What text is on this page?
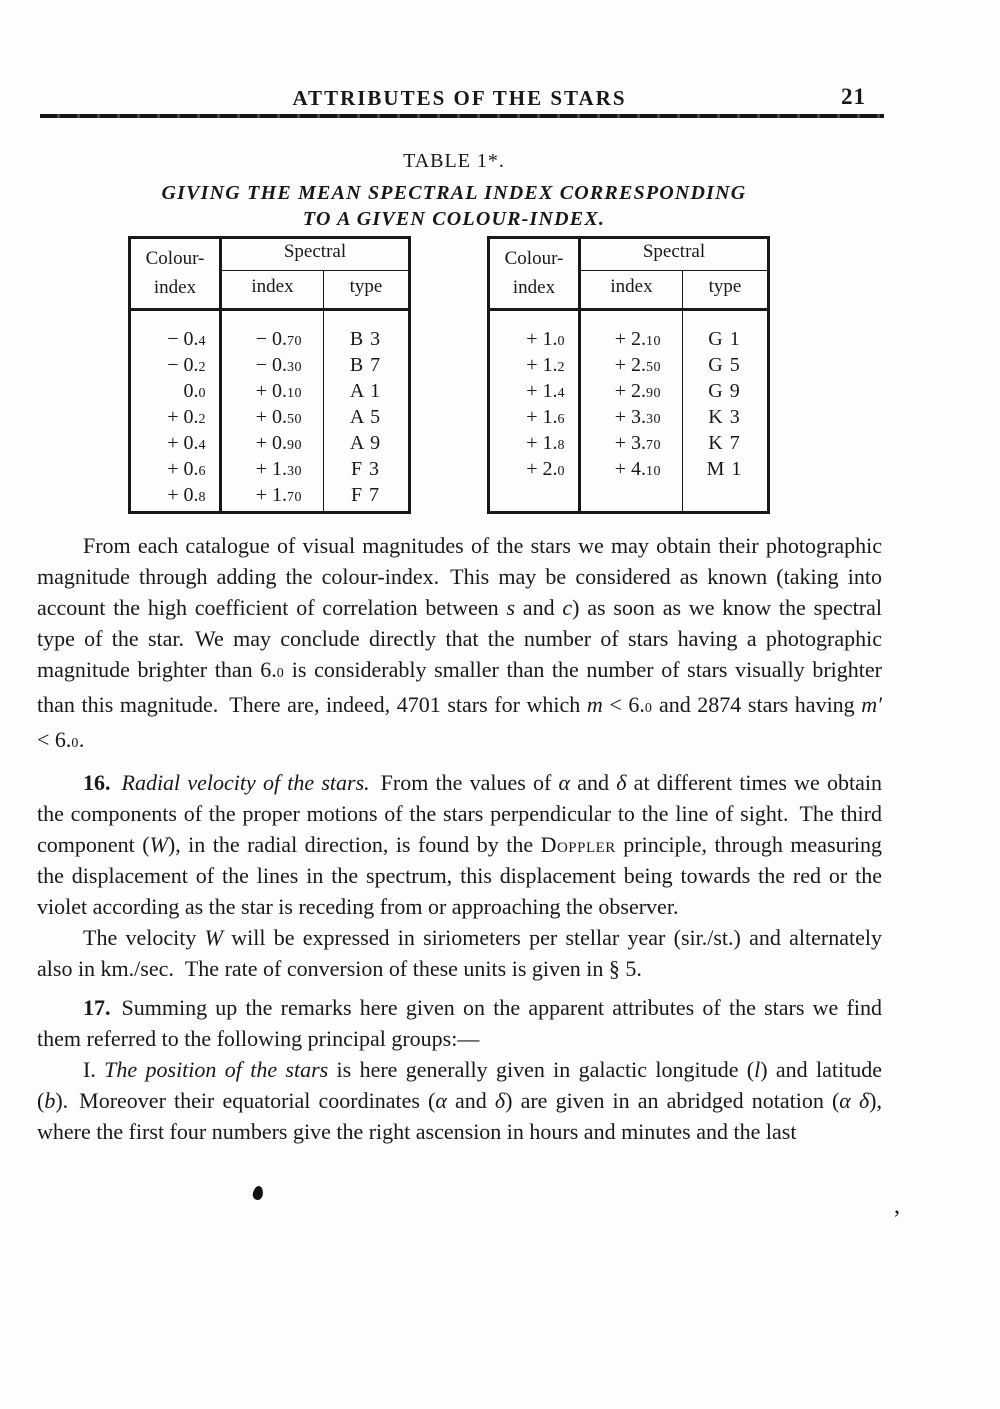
ATTRIBUTES OF THE STARS	21
TABLE 1*.
GIVING THE MEAN SPECTRAL INDEX CORRESPONDING
TO A GIVEN COLOUR-INDEX.
Colour-
index
Spectral
index	type
− 0.4	− 0.70	B 3
− 0.2	− 0.30	B 7
0.0	+ 0.10	A 1
+ 0.2	+ 0.50	A 5
+ 0.4	+ 0.90	A 9
+ 0.6	+ 1.30	F 3
+ 0.8	+ 1.70	F 7
Colour-
index
Spectral
index	type
+ 1.0	+ 2.10	G 1
+ 1.2	+ 2.50	G 5
+ 1.4	+ 2.90	G 9
+ 1.6	+ 3.30	K 3
+ 1.8	+ 3.70	K 7
+ 2.0	+ 4.10	M 1

From each catalogue of visual magnitudes of the stars we may obtain their photographic magnitude through adding the colour-index. This may be considered as known (taking into account the high coefficient of correlation between s and c) as soon as we know the spectral type of the star. We may conclude directly that the number of stars having a photographic magnitude brighter than 6.0 is considerably smaller than the number of stars visually brighter than this magnitude. There are, indeed, 4701 stars for which m < 6.0 and 2874 stars having m′ < 6.0.

16.  Radial velocity of the stars. From the values of α and δ at different times we obtain the components of the proper motions of the stars perpendicular to the line of sight. The third component (W), in the radial direction, is found by the Doppler principle, through measuring the displacement of the lines in the spectrum, this displacement being towards the red or the violet according as the star is receding from or approaching the observer.

The velocity W will be expressed in siriometers per stellar year (sir./st.) and alternately also in km./sec. The rate of conversion of these units is given in § 5.

17. Summing up the remarks here given on the apparent attributes of the stars we find them referred to the following principal groups:—

I. The position of the stars is here generally given in galactic longitude (l) and latitude (b). Moreover their equatorial coordinates (α and δ) are given in an abridged notation (α δ), where the first four numbers give the right ascension in hours and minutes and the last

,
